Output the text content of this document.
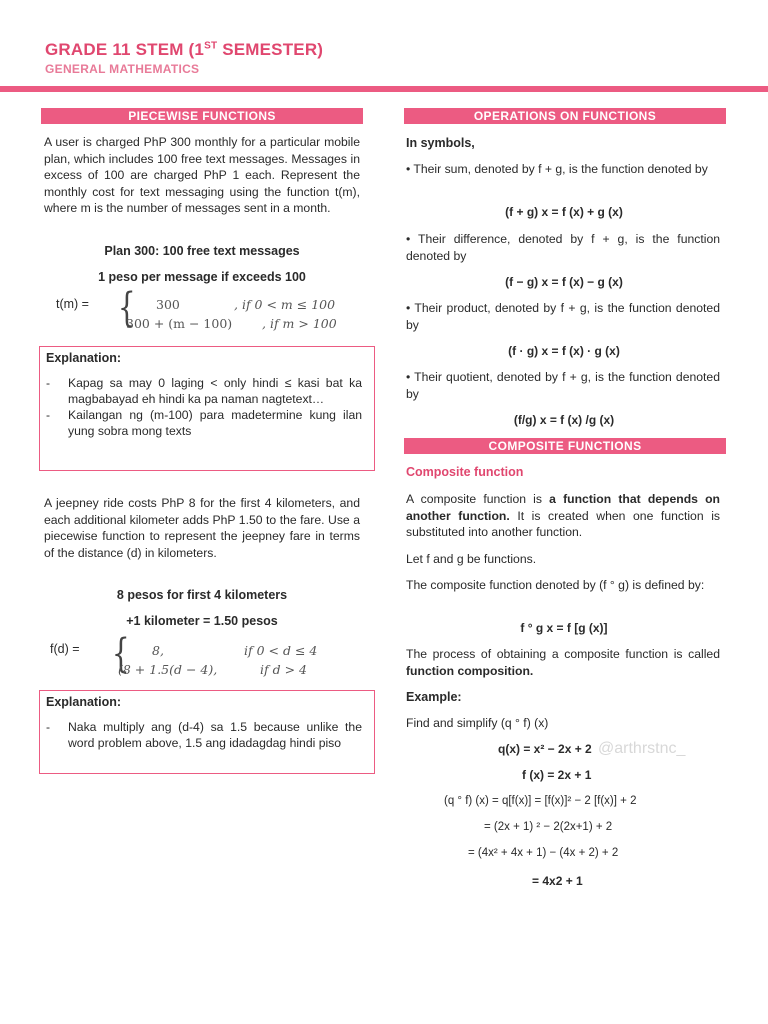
GRADE 11 STEM (1ST SEMESTER)
GENERAL MATHEMATICS
PIECEWISE FUNCTIONS
A user is charged PhP 300 monthly for a particular mobile plan, which includes 100 free text messages. Messages in excess of 100 are charged PhP 1 each. Represent the monthly cost for text messaging using the function t(m), where m is the number of messages sent in a month.
Plan 300: 100 free text messages
1 peso per message if exceeds 100
t(m) = { 300	, if 0 < m ≤ 100
300 + (m − 100) , if m > 100
Explanation:
- Kapag sa may 0 laging < only hindi ≤ kasi bat ka magbabayad eh hindi ka pa naman nagtetext…
- Kailangan ng (m-100) para madetermine kung ilan yung sobra mong texts
A jeepney ride costs PhP 8 for the first 4 kilometers, and each additional kilometer adds PhP 1.50 to the fare. Use a piecewise function to represent the jeepney fare in terms of the distance (d) in kilometers.
8 pesos for first 4 kilometers
+1 kilometer = 1.50 pesos
f(d) = { 8,	if 0 < d ≤ 4
(8 + 1.5(d − 4),	if d > 4
Explanation:
- Naka multiply ang (d-4) sa 1.5 because unlike the word problem above, 1.5 ang idadagdag hindi piso
OPERATIONS ON FUNCTIONS
In symbols,
• Their sum, denoted by f + g, is the function denoted by
(f + g) x = f (x) + g (x)
• Their difference, denoted by f + g, is the function denoted by
(f − g) x = f (x) − g (x)
• Their product, denoted by f + g, is the function denoted by
(f · g) x = f (x) · g (x)
• Their quotient, denoted by f + g, is the function denoted by
(f/g) x = f (x) /g (x)
COMPOSITE FUNCTIONS
Composite function
A composite function is a function that depends on another function. It is created when one function is substituted into another function.
Let f and g be functions.
The composite function denoted by (f ° g) is defined by:
f ° g x = f [g (x)]
The process of obtaining a composite function is called function composition.
Example:
Find and simplify (q ° f) (x)
q(x) = x² − 2x + 2 @arthrstnc_
f (x) = 2x + 1
(q ° f) (x) = q[f(x)] = [f(x)]² − 2 [f(x)] + 2
= (2x + 1) ² − 2(2x+1) + 2
= (4x² + 4x + 1) − (4x + 2) + 2
= 4x2 + 1
